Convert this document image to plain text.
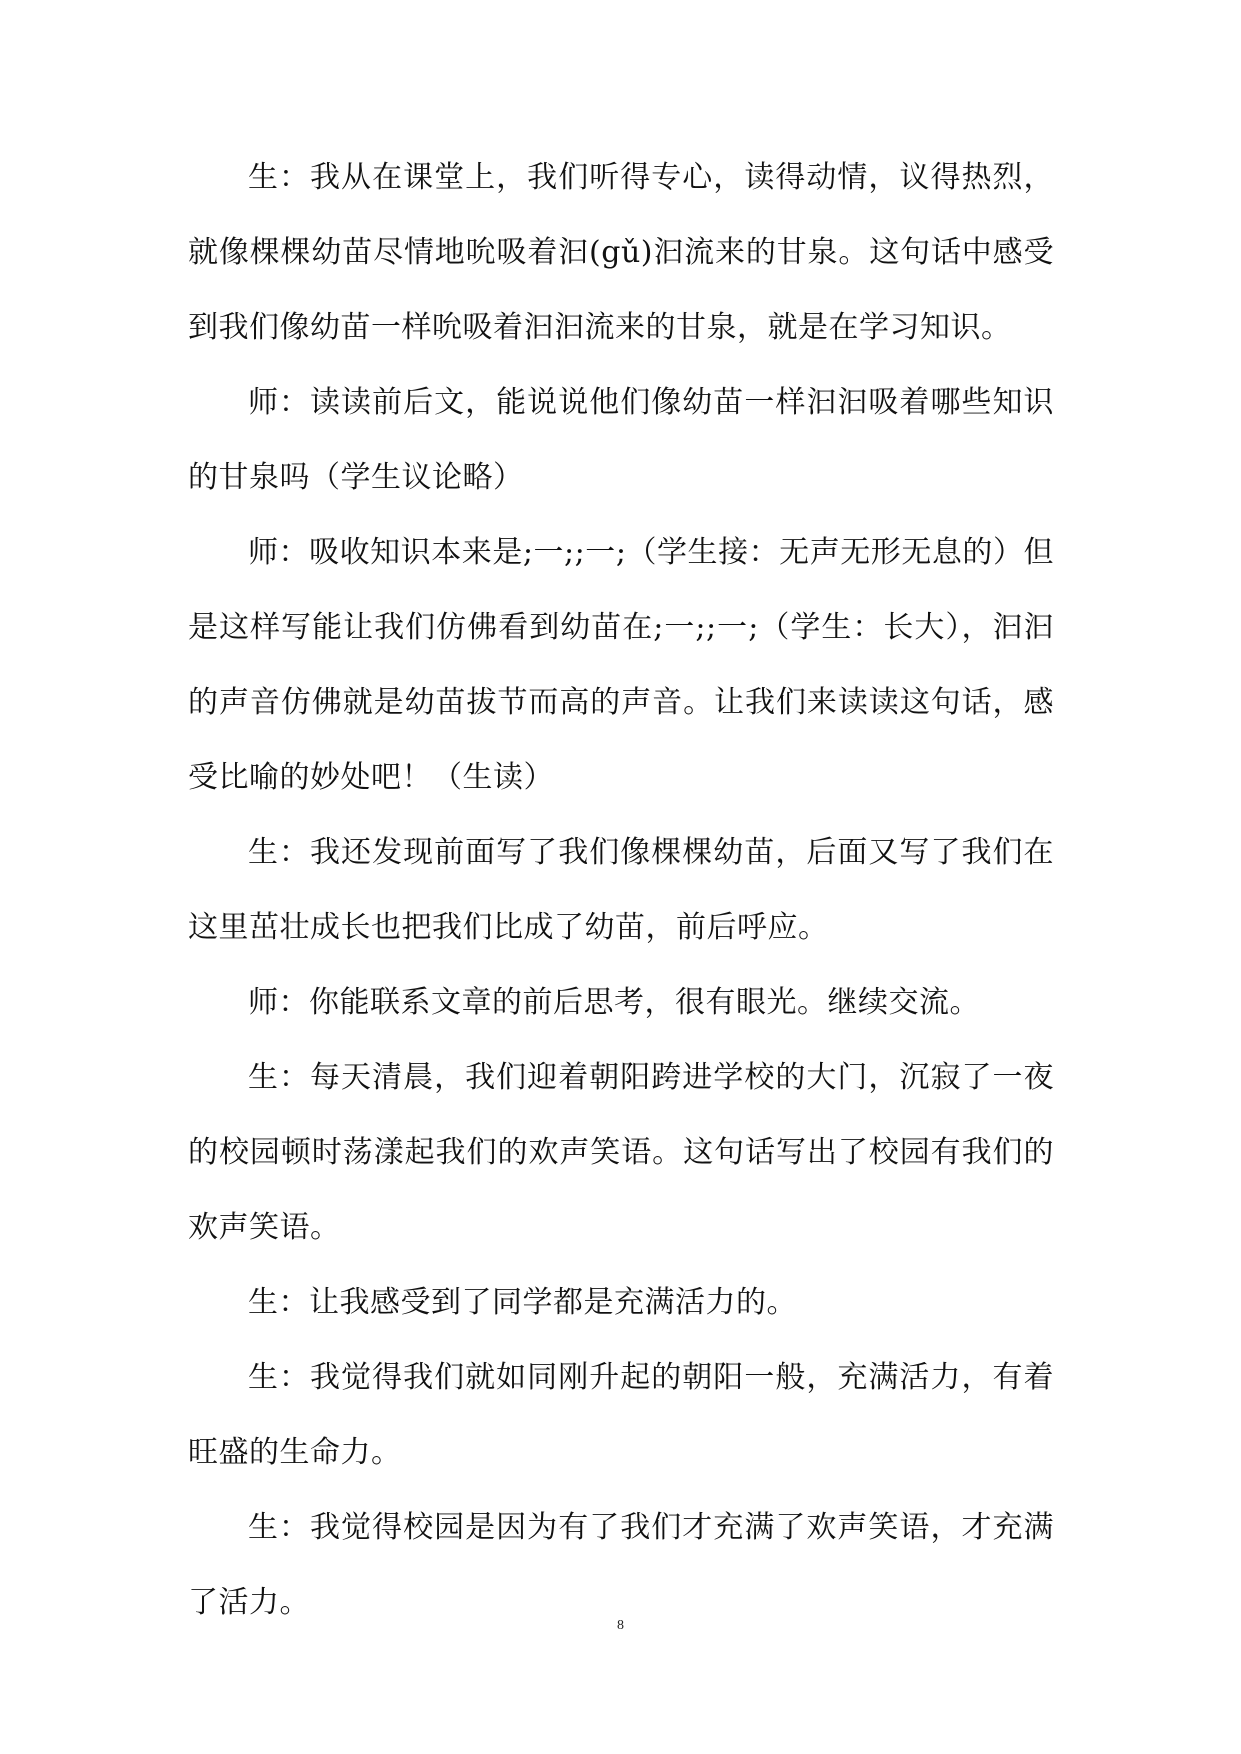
生：我从在课堂上，我们听得专心，读得动情，议得热烈，就像棵棵幼苗尽情地吮吸着汩(gǔ)汩流来的甘泉。这句话中感受到我们像幼苗一样吮吸着汩汩流来的甘泉，就是在学习知识。

师：读读前后文，能说说他们像幼苗一样汩汩吸着哪些知识的甘泉吗（学生议论略）

师：吸收知识本来是;一;;一;（学生接：无声无形无息的）但是这样写能让我们仿佛看到幼苗在;一;;一;（学生：长大），汩汩的声音仿佛就是幼苗拔节而高的声音。让我们来读读这句话，感受比喻的妙处吧！（生读）

生：我还发现前面写了我们像棵棵幼苗，后面又写了我们在这里茁壮成长也把我们比成了幼苗，前后呼应。

师：你能联系文章的前后思考，很有眼光。继续交流。

生：每天清晨，我们迎着朝阳跨进学校的大门，沉寂了一夜的校园顿时荡漾起我们的欢声笑语。这句话写出了校园有我们的欢声笑语。

生：让我感受到了同学都是充满活力的。

生：我觉得我们就如同刚升起的朝阳一般，充满活力，有着旺盛的生命力。

生：我觉得校园是因为有了我们才充满了欢声笑语，才充满了活力。

8
